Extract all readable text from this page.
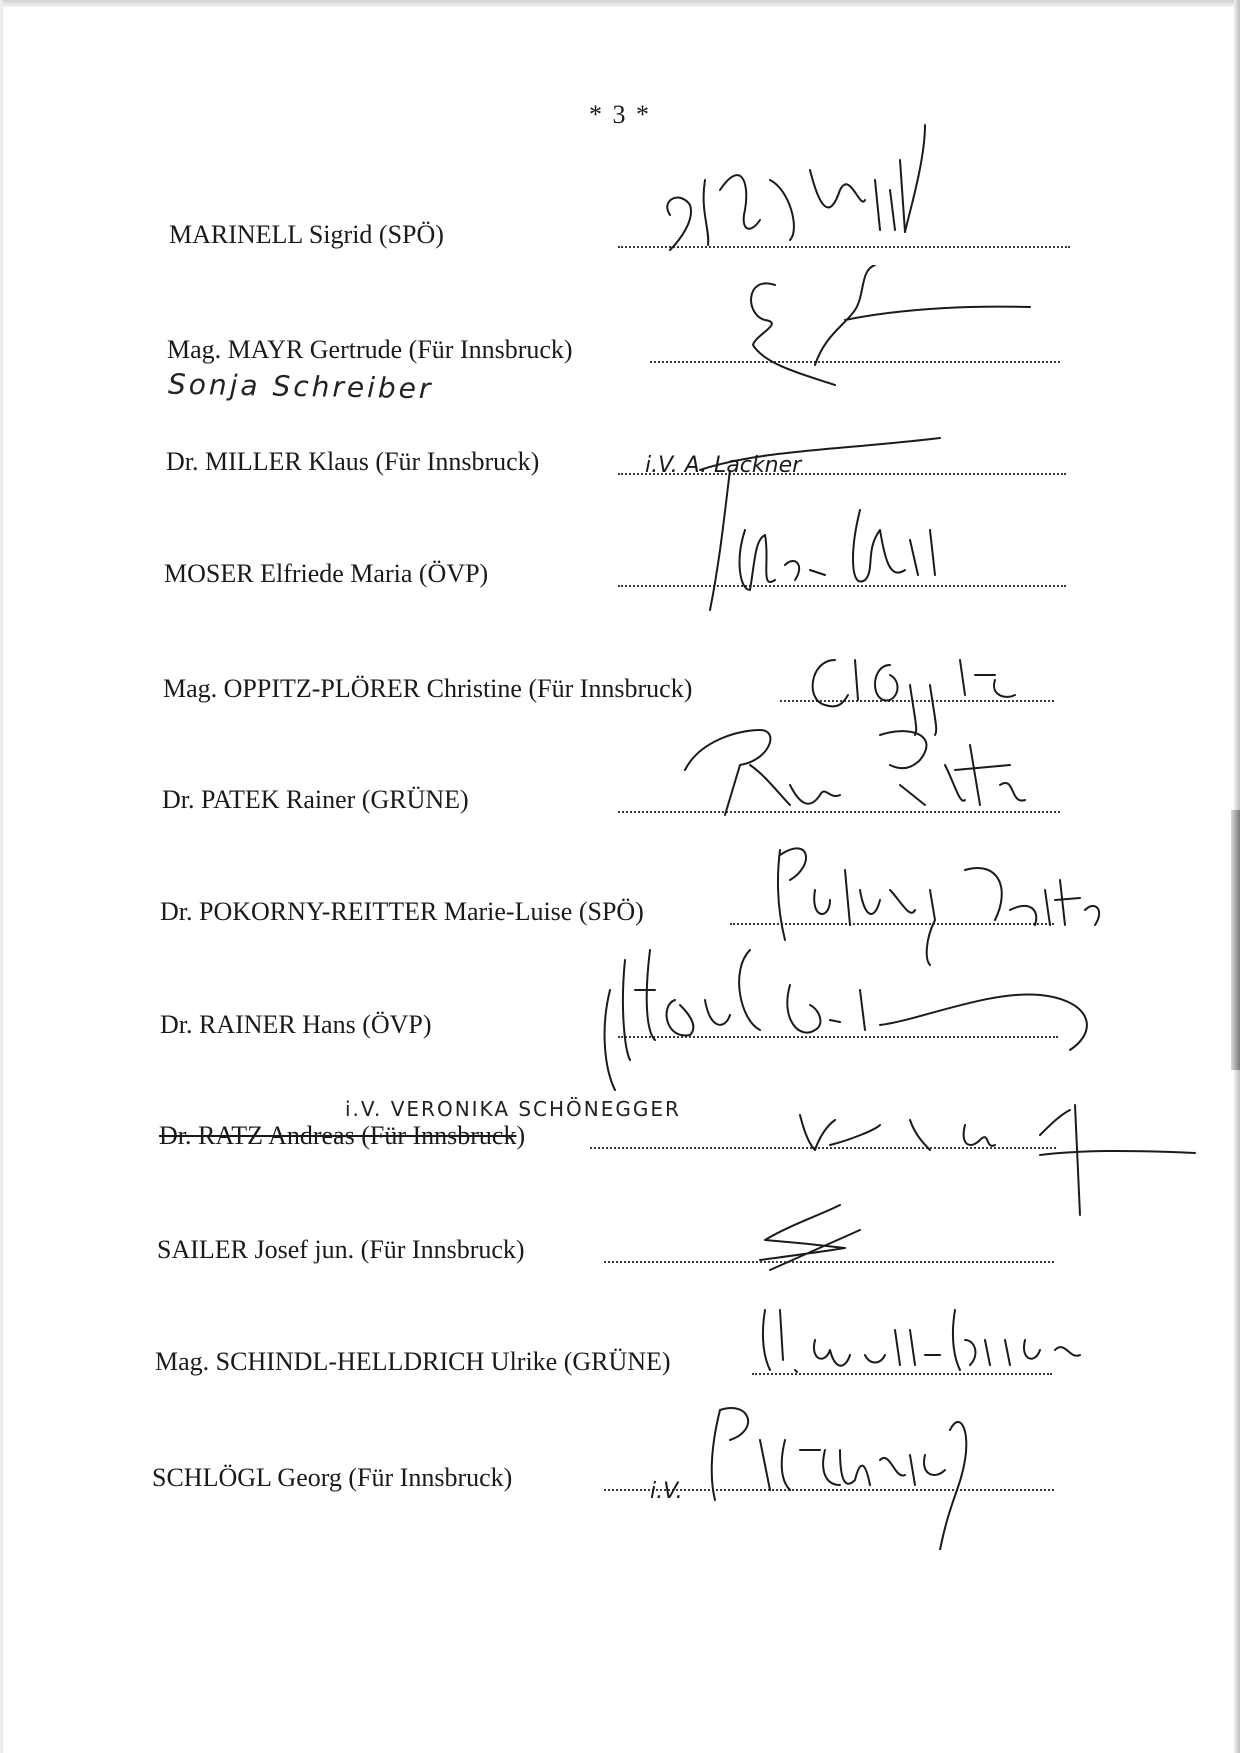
* 3 *
MARINELL Sigrid (SPÖ)
Mag. MAYR Gertrude (Für Innsbruck)
Sonja Schreiber
Dr. MILLER Klaus (Für Innsbruck)
MOSER Elfriede Maria (ÖVP)
Mag. OPPITZ-PLÖRER Christine (Für Innsbruck)
Dr. PATEK Rainer (GRÜNE)
Dr. POKORNY-REITTER Marie-Luise (SPÖ)
Dr. RAINER Hans (ÖVP)
Dr. RATZ Andreas (Für Innsbruck)
i.V. VERONIKA SCHÖNEGGER
SAILER Josef jun. (Für Innsbruck)
Mag. SCHINDL-HELLDRICH Ulrike (GRÜNE)
SCHLÖGL Georg (Für Innsbruck)
i.V. A. Lackner
i.V.
